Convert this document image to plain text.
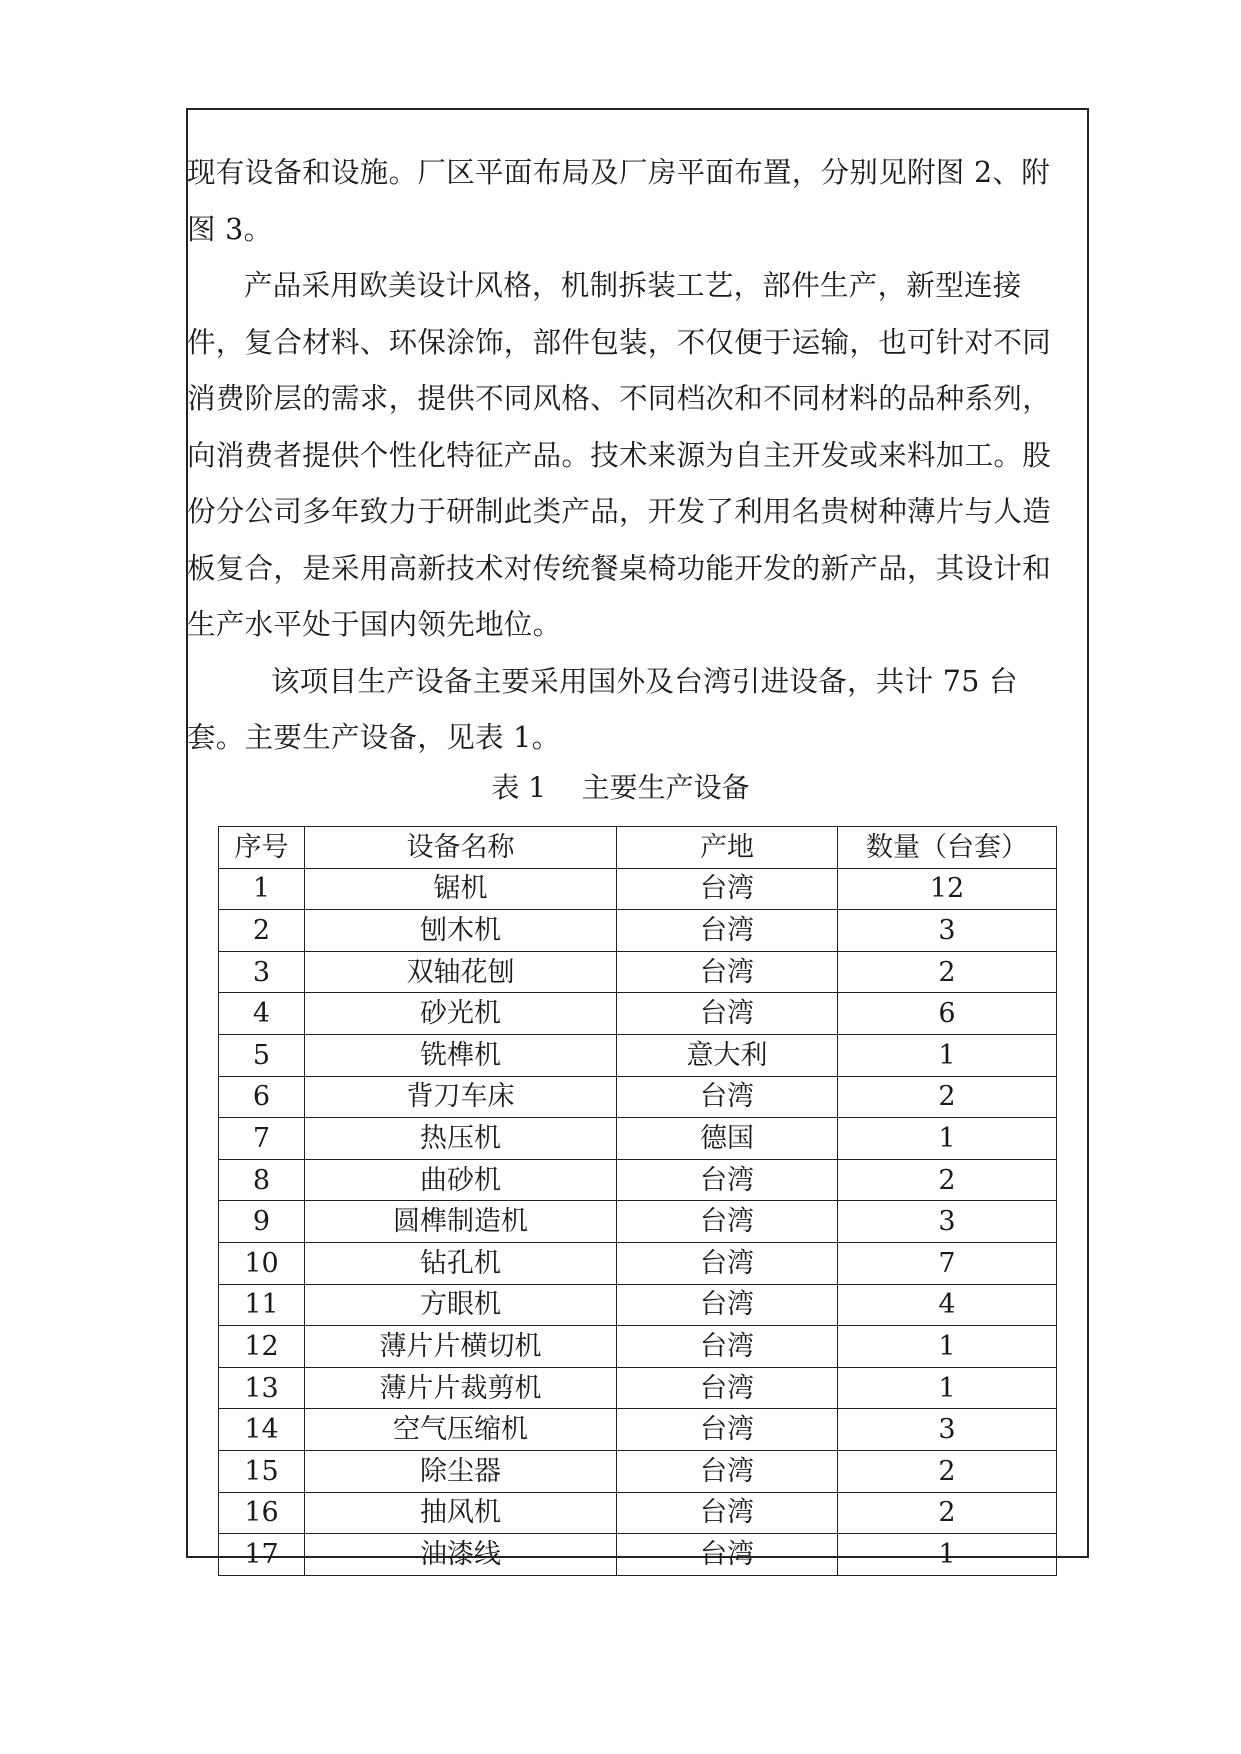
现有设备和设施。厂区平面布局及厂房平面布置，分别见附图 2、附图 3。

产品采用欧美设计风格，机制拆装工艺，部件生产，新型连接件，复合材料、环保涂饰，部件包装，不仅便于运输，也可针对不同消费阶层的需求，提供不同风格、不同档次和不同材料的品种系列，向消费者提供个性化特征产品。技术来源为自主开发或来料加工。股份分公司多年致力于研制此类产品，开发了利用名贵树种薄片与人造板复合，是采用高新技术对传统餐桌椅功能开发的新产品，其设计和生产水平处于国内领先地位。

该项目生产设备主要采用国外及台湾引进设备，共计 75 台套。主要生产设备，见表 1。

表 1 主要生产设备
序号	设备名称	产地	数量（台套）
1	锯机	台湾	12
2	刨木机	台湾	3
3	双轴花刨	台湾	2
4	砂光机	台湾	6
5	铣榫机	意大利	1
6	背刀车床	台湾	2
7	热压机	德国	1
8	曲砂机	台湾	2
9	圆榫制造机	台湾	3
10	钻孔机	台湾	7
11	方眼机	台湾	4
12	薄片片横切机	台湾	1
13	薄片片裁剪机	台湾	1
14	空气压缩机	台湾	3
15	除尘器	台湾	2
16	抽风机	台湾	2
17	油漆线	台湾	1
